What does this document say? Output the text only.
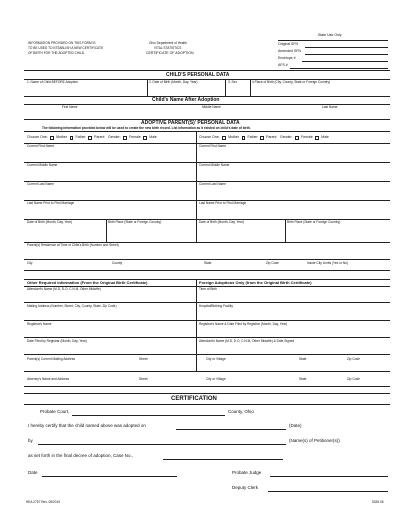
INFORMATION PROVIDED ON THIS FORM IS
TO BE USED TO ESTABLISH A NEW CERTIFICATE
OF BIRTH FOR THE ADOPTED CHILD.
Ohio Department of Health
VITAL STATISTICS
CERTIFICATE OF ADOPTION
State Use Only
Original SFN
Amended SFN
Envelope #
AFS #
CHILD'S PERSONAL DATA
1. Name of Child BEFORE Adoption	2. Date of Birth (Month, Day, Year)	3. Sex	4.Place of Birth (City, County, State or Foreign Country)
Child's Name After Adoption
First Name	Middle Name	Last Name
ADOPTIVE PARENT(S)' PERSONAL DATA
The following information provided below will be used to create the new birth record. List information as it existed on child's date of birth.
Choose One: Mother Father Parent Gender: Female Male	Choose One: Mother Father Parent Gender: Female Male
Current First Name	Current First Name
Current Middle Name	Current Middle Name
Current Last Name	Current Last Name
Last Name Prior to First Marriage	Last Name Prior to First Marriage
Date of Birth (Month, Day, Year)	Birth Place (State or Foreign Country)	Date of Birth (Month, Day, Year)	Birth Place (State or Foreign Country)
Parent(s) Residence at Time of Child's Birth (Number and Street)
City	County	State	Zip Code	Inside City Limits (Yes or No)
Other Required Information (From the Original Birth Certificate)	Foreign Adoptions Only (from the Original Birth Certificate)
Attendant's Name (M.D, D.O, C.N.M, Other Midwife)	Time of Birth
Mailing Address (Number, Street, City, County, State, Zip Code)	Hospital/Birthing Facility
Registrar's Name	Registrar's Name & Date Filed by Registrar (Month, Day, Year)
Date Filed by Registrar (Month, Day, Year)	Attendant's Name (M.D, D.O, C.N.M, Other Midwife) & Date Signed
Parent(s) Current Mailing Address	Street	City or Village	State	Zip Code
Attorney's Name and Address	Street	City or Village	State	Zip Code
CERTIFICATION
Probate Court,	County, Ohio
I hereby certify that the child named above was adopted on	(Date)
by	(Name(s) of Petitioner(s))
as set forth in the final decree of adoption, Case No.,
Date	Probate Judge
Deputy Clerk
HEA 2757 Rev. 08/2015	5335.06
